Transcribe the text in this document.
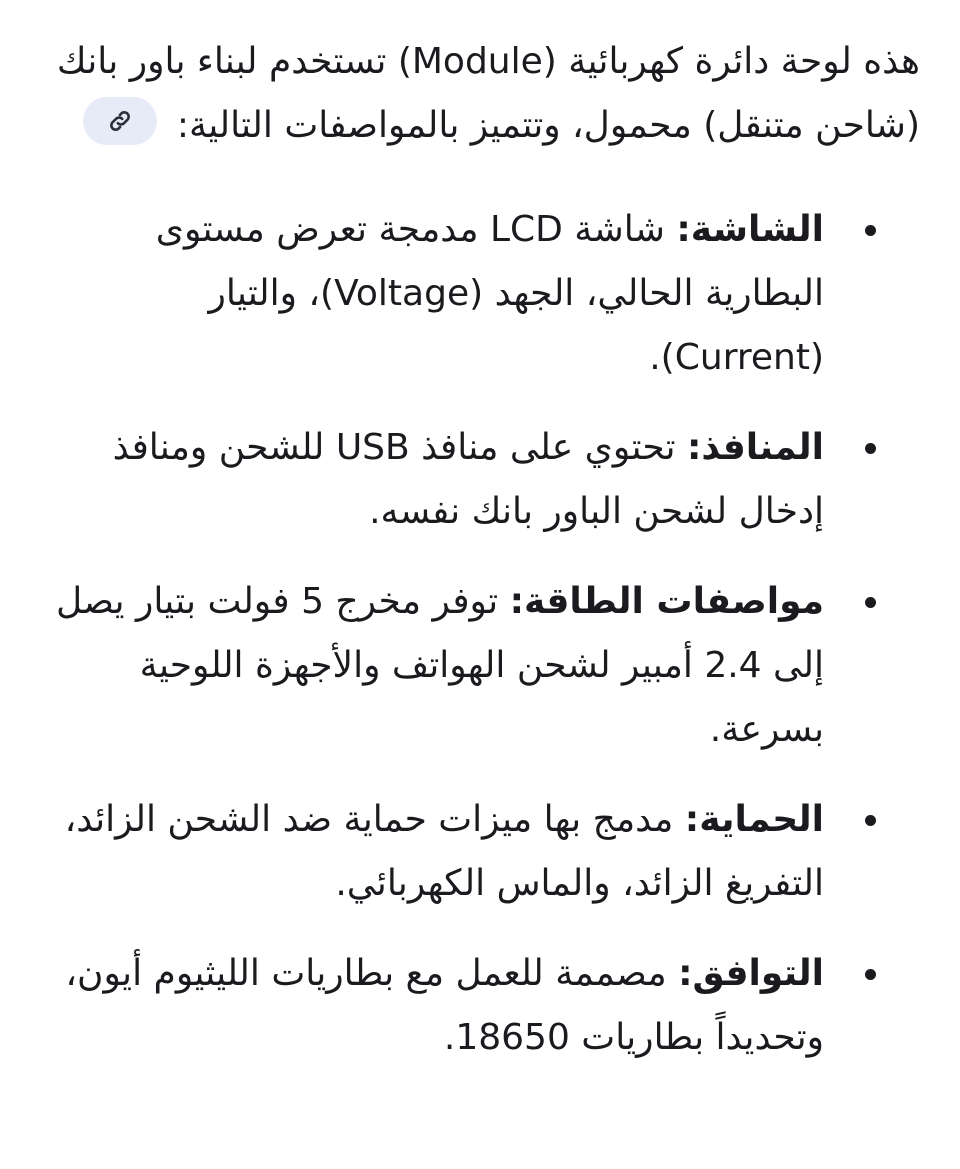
هذه لوحة دائرة كهربائية (Module) تستخدم لبناء باور بانك (شاحن متنقل) محمول، وتتميز بالمواصفات التالية:

الشاشة: شاشة LCD مدمجة تعرض مستوى البطارية الحالي، الجهد (Voltage)، والتيار (Current).
المنافذ: تحتوي على منافذ USB للشحن ومنافذ إدخال لشحن الباور بانك نفسه.
مواصفات الطاقة: توفر مخرج 5 فولت بتيار يصل إلى 2.4 أمبير لشحن الهواتف والأجهزة اللوحية بسرعة.
الحماية: مدمج بها ميزات حماية ضد الشحن الزائد، التفريغ الزائد، والماس الكهربائي.
التوافق: مصممة للعمل مع بطاريات الليثيوم أيون، وتحديداً بطاريات 18650.
